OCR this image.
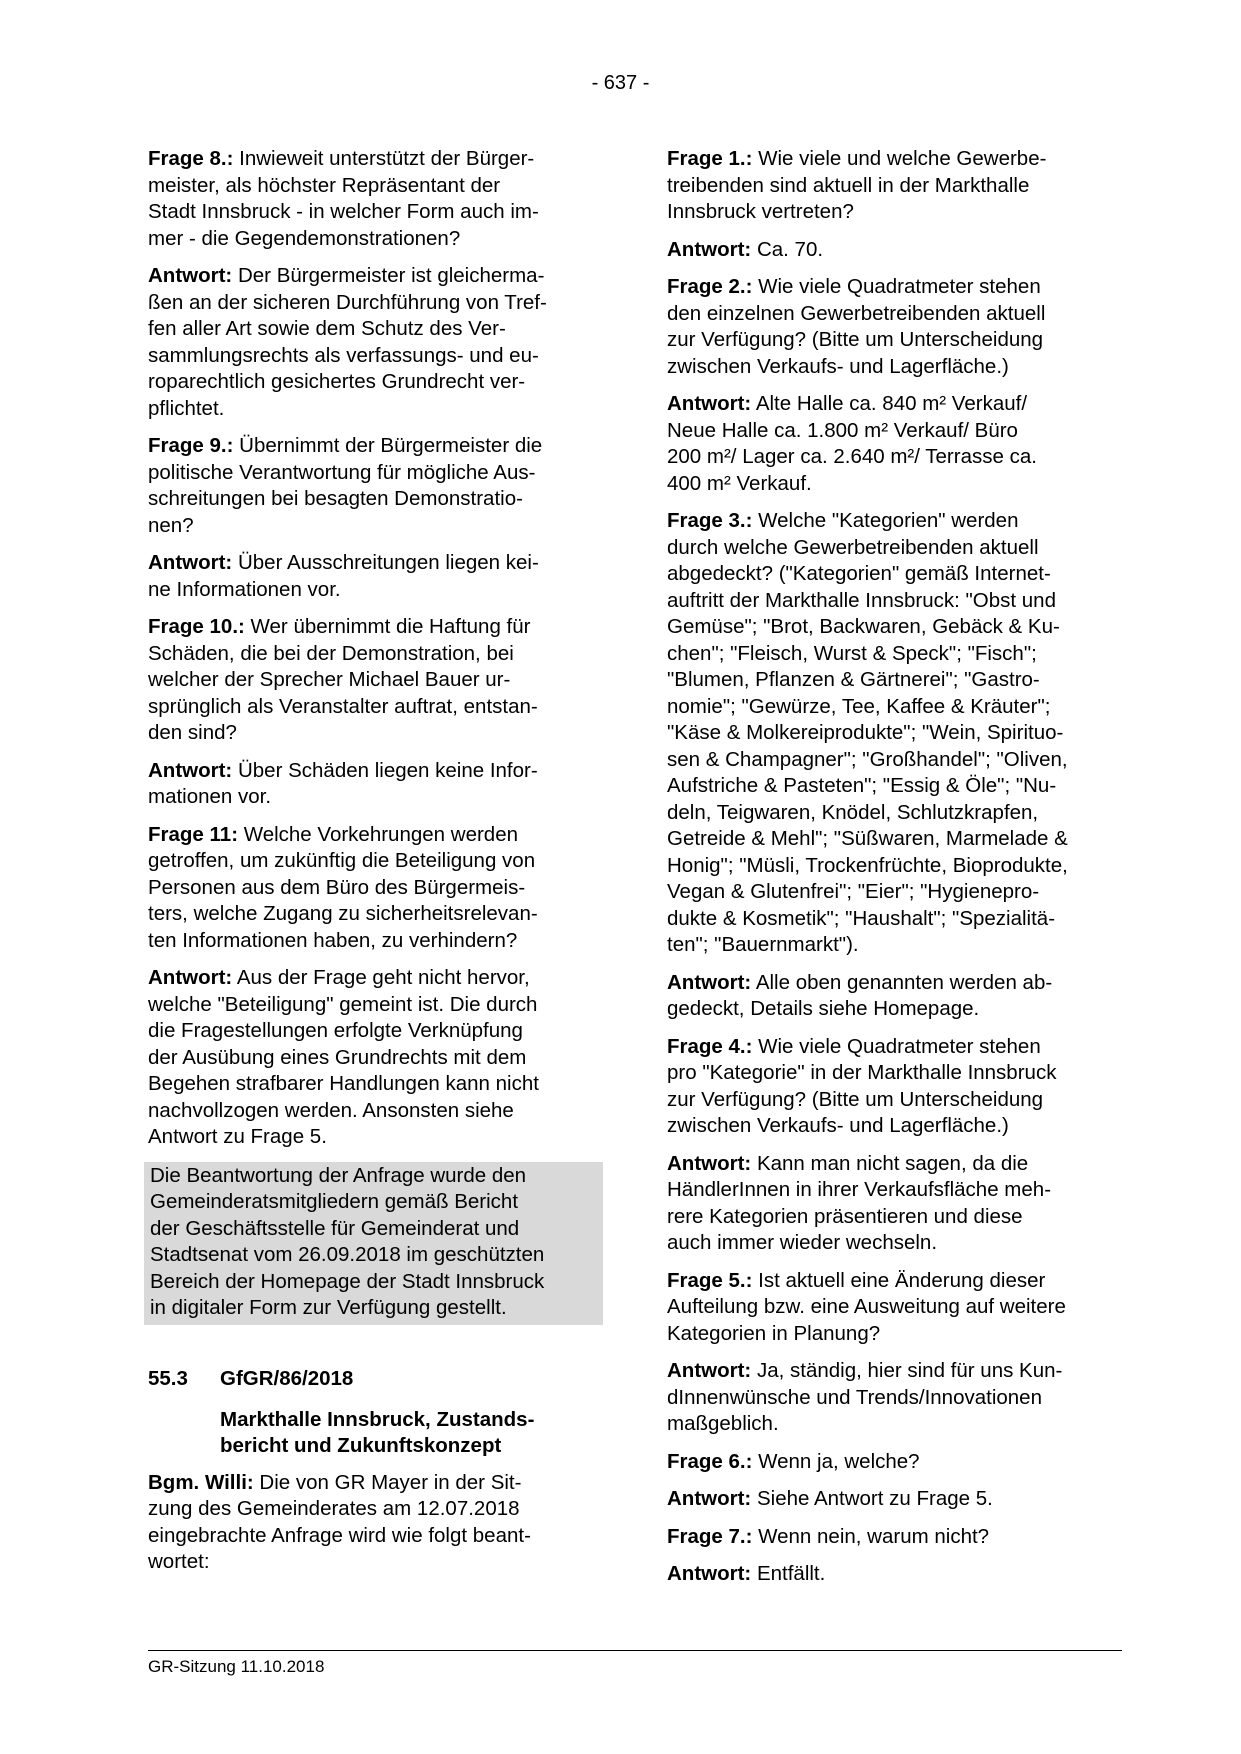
- 637 -

Frage 8.: Inwieweit unterstützt der Bürger-
meister, als höchster Repräsentant der
Stadt Innsbruck - in welcher Form auch im-
mer - die Gegendemonstrationen?

Antwort: Der Bürgermeister ist gleicherma-
ßen an der sicheren Durchführung von Tref-
fen aller Art sowie dem Schutz des Ver-
sammlungsrechts als verfassungs- und eu-
roparechtlich gesichertes Grundrecht ver-
pflichtet.

Frage 9.: Übernimmt der Bürgermeister die
politische Verantwortung für mögliche Aus-
schreitungen bei besagten Demonstratio-
nen?

Antwort: Über Ausschreitungen liegen kei-
ne Informationen vor.

Frage 10.: Wer übernimmt die Haftung für
Schäden, die bei der Demonstration, bei
welcher der Sprecher Michael Bauer ur-
sprünglich als Veranstalter auftrat, entstan-
den sind?

Antwort: Über Schäden liegen keine Infor-
mationen vor.

Frage 11: Welche Vorkehrungen werden
getroffen, um zukünftig die Beteiligung von
Personen aus dem Büro des Bürgermeis-
ters, welche Zugang zu sicherheitsrelevan-
ten Informationen haben, zu verhindern?

Antwort: Aus der Frage geht nicht hervor,
welche "Beteiligung" gemeint ist. Die durch
die Fragestellungen erfolgte Verknüpfung
der Ausübung eines Grundrechts mit dem
Begehen strafbarer Handlungen kann nicht
nachvollzogen werden. Ansonsten siehe
Antwort zu Frage 5.

Die Beantwortung der Anfrage wurde den
Gemeinderatsmitgliedern gemäß Bericht
der Geschäftsstelle für Gemeinderat und
Stadtsenat vom 26.09.2018 im geschützten
Bereich der Homepage der Stadt Innsbruck
in digitaler Form zur Verfügung gestellt.
55.3	GfGR/86/2018
Markthalle Innsbruck, Zustands-
bericht und Zukunftskonzept

Bgm. Willi: Die von GR Mayer in der Sit-
zung des Gemeinderates am 12.07.2018
eingebrachte Anfrage wird wie folgt beant-
wortet:

Frage 1.: Wie viele und welche Gewerbe-
treibenden sind aktuell in der Markthalle
Innsbruck vertreten?

Antwort: Ca. 70.

Frage 2.: Wie viele Quadratmeter stehen
den einzelnen Gewerbetreibenden aktuell
zur Verfügung? (Bitte um Unterscheidung
zwischen Verkaufs- und Lagerfläche.)

Antwort: Alte Halle ca. 840 m² Verkauf/
Neue Halle ca. 1.800 m² Verkauf/ Büro
200 m²/ Lager ca. 2.640 m²/ Terrasse ca.
400 m² Verkauf.

Frage 3.: Welche "Kategorien" werden
durch welche Gewerbetreibenden aktuell
abgedeckt? ("Kategorien" gemäß Internet-
auftritt der Markthalle Innsbruck: "Obst und
Gemüse"; "Brot, Backwaren, Gebäck & Ku-
chen"; "Fleisch, Wurst & Speck"; "Fisch";
"Blumen, Pflanzen & Gärtnerei"; "Gastro-
nomie"; "Gewürze, Tee, Kaffee & Kräuter";
"Käse & Molkereiprodukte"; "Wein, Spirituo-
sen & Champagner"; "Großhandel"; "Oliven,
Aufstriche & Pasteten"; "Essig & Öle"; "Nu-
deln, Teigwaren, Knödel, Schlutzkrapfen,
Getreide & Mehl"; "Süßwaren, Marmelade &
Honig"; "Müsli, Trockenfrüchte, Bioprodukte,
Vegan & Glutenfrei"; "Eier"; "Hygienepro-
dukte & Kosmetik"; "Haushalt"; "Spezialitä-
ten"; "Bauernmarkt").

Antwort: Alle oben genannten werden ab-
gedeckt, Details siehe Homepage.

Frage 4.: Wie viele Quadratmeter stehen
pro "Kategorie" in der Markthalle Innsbruck
zur Verfügung? (Bitte um Unterscheidung
zwischen Verkaufs- und Lagerfläche.)

Antwort: Kann man nicht sagen, da die
HändlerInnen in ihrer Verkaufsfläche meh-
rere Kategorien präsentieren und diese
auch immer wieder wechseln.

Frage 5.: Ist aktuell eine Änderung dieser
Aufteilung bzw. eine Ausweitung auf weitere
Kategorien in Planung?

Antwort: Ja, ständig, hier sind für uns Kun-
dInnenwünsche und Trends/Innovationen
maßgeblich.

Frage 6.: Wenn ja, welche?

Antwort: Siehe Antwort zu Frage 5.

Frage 7.: Wenn nein, warum nicht?

Antwort: Entfällt.

GR-Sitzung 11.10.2018
